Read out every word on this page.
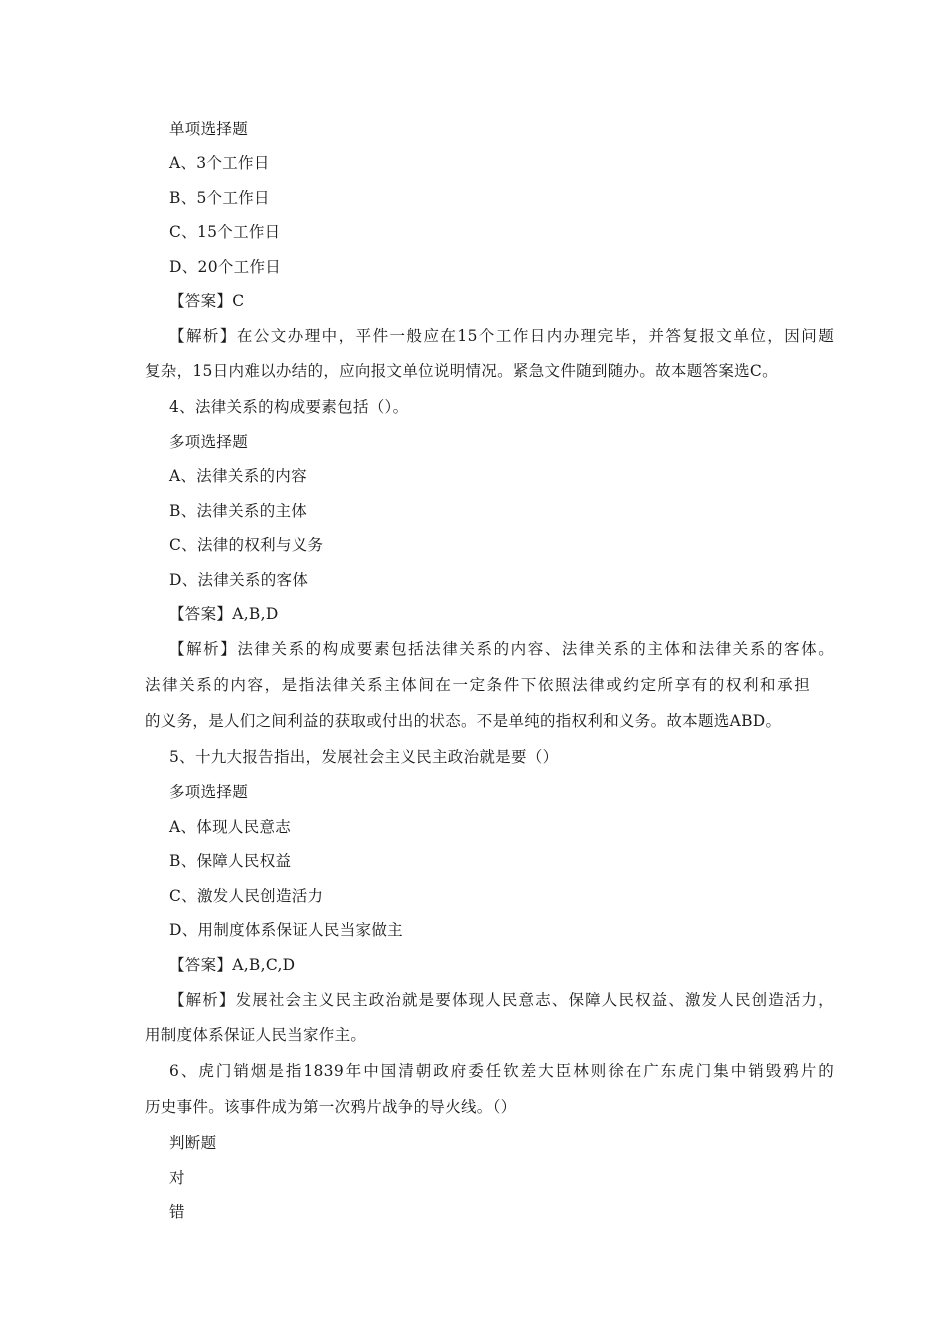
单项选择题
A、3个工作日
B、5个工作日
C、15个工作日
D、20个工作日
【答案】C
【解析】在公文办理中，平件一般应在15个工作日内办理完毕，并答复报文单位，因问题
复杂，15日内难以办结的，应向报文单位说明情况。紧急文件随到随办。故本题答案选C。
4、法律关系的构成要素包括（）。
多项选择题
A、法律关系的内容
B、法律关系的主体
C、法律的权利与义务
D、法律关系的客体
【答案】A,B,D
【解析】法律关系的构成要素包括法律关系的内容、法律关系的主体和法律关系的客体。
法律关系的内容，是指法律关系主体间在一定条件下依照法律或约定所享有的权利和承担
的义务，是人们之间利益的获取或付出的状态。不是单纯的指权利和义务。故本题选ABD。
5、十九大报告指出，发展社会主义民主政治就是要（）
多项选择题
A、体现人民意志
B、保障人民权益
C、激发人民创造活力
D、用制度体系保证人民当家做主
【答案】A,B,C,D
【解析】发展社会主义民主政治就是要体现人民意志、保障人民权益、激发人民创造活力，
用制度体系保证人民当家作主。
6、虎门销烟是指1839年中国清朝政府委任钦差大臣林则徐在广东虎门集中销毁鸦片的
历史事件。该事件成为第一次鸦片战争的导火线。（）
判断题
对
错
